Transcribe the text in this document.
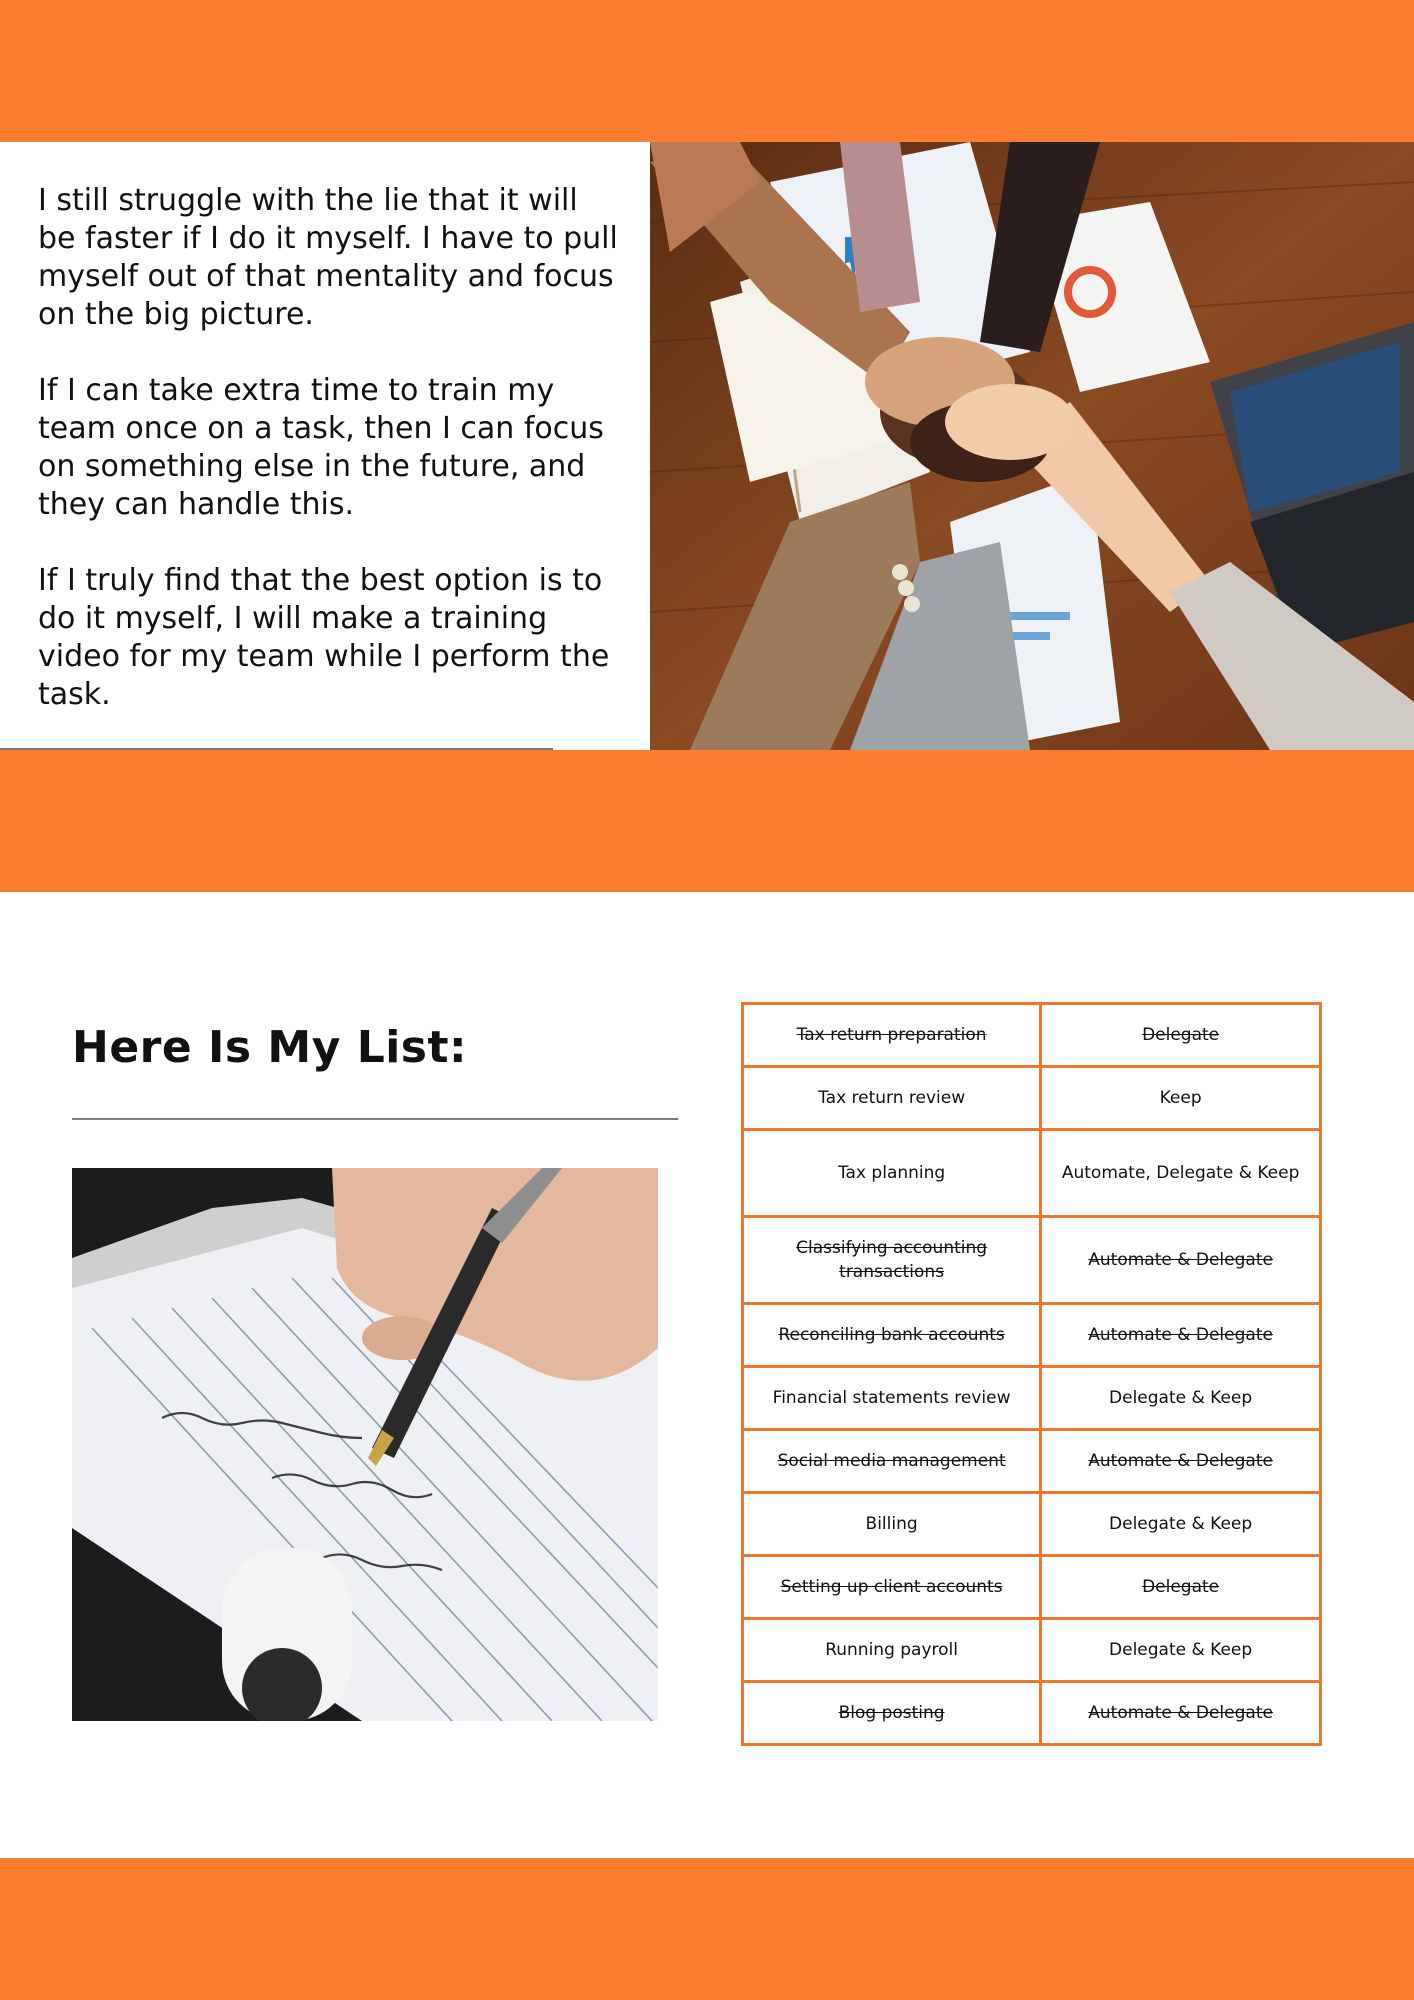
I still struggle with the lie that it will be faster if I do it myself. I have to pull myself out of that mentality and focus on the big picture.

If I can take extra time to train my team once on a task, then I can focus on something else in the future, and they can handle this.

If I truly find that the best option is to do it myself, I will make a training video for my team while I perform the task.

Here Is My List:	Tax return preparation	Delegate
Tax return review	Keep
Tax planning	Automate, Delegate & Keep
Classifying accounting transactions	Automate & Delegate
Reconciling bank accounts	Automate & Delegate
Financial statements review	Delegate & Keep
Social media management	Automate & Delegate
Billing	Delegate & Keep
Setting up client accounts	Delegate
Running payroll	Delegate & Keep
Blog posting	Automate & Delegate
